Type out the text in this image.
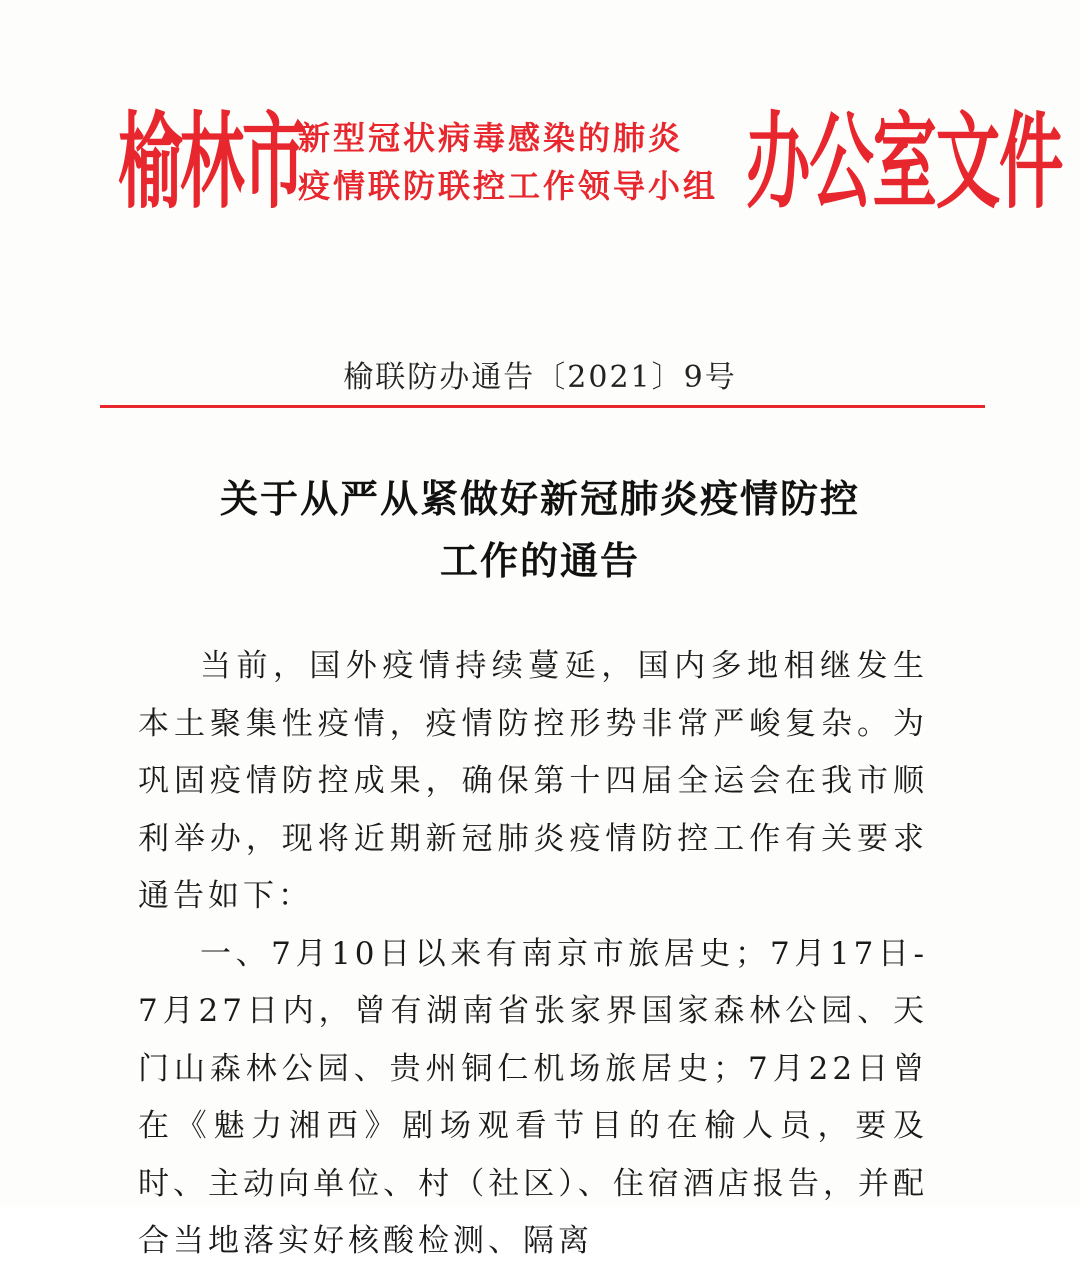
榆林市
新型冠状病毒感染的肺炎
疫情联防联控工作领导小组 办公室文件
榆联防办通告〔2021〕9号
关于从严从紧做好新冠肺炎疫情防控
工作的通告

当前，国外疫情持续蔓延，国内多地相继发生本土聚集性疫情，疫情防控形势非常严峻复杂。为巩固疫情防控成果，确保第十四届全运会在我市顺利举办，现将近期新冠肺炎疫情防控工作有关要求通告如下：

一、7月10日以来有南京市旅居史；7月17日-7月27日内，曾有湖南省张家界国家森林公园、天门山森林公园、贵州铜仁机场旅居史；7月22日曾在《魅力湘西》剧场观看节目的在榆人员，要及时、主动向单位、村（社区）、住宿酒店报告，并配合当地落实好核酸检测、隔离
